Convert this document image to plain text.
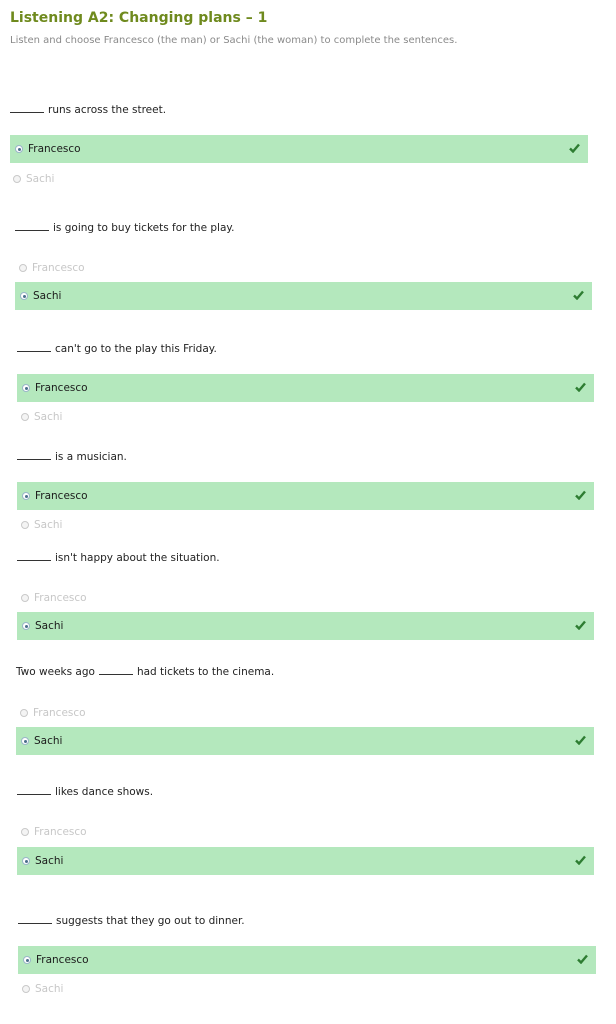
Listening A2: Changing plans – 1
Listen and choose Francesco (the man) or Sachi (the woman) to complete the sentences.
runs across the street.
Francesco
Sachi
is going to buy tickets for the play.
Francesco
Sachi
can't go to the play this Friday.
Francesco
Sachi
is a musician.
Francesco
Sachi
isn't happy about the situation.
Francesco
Sachi
Two weeks ago	had tickets to the cinema.
Francesco
Sachi
likes dance shows.
Francesco
Sachi
suggests that they go out to dinner.
Francesco
Sachi
